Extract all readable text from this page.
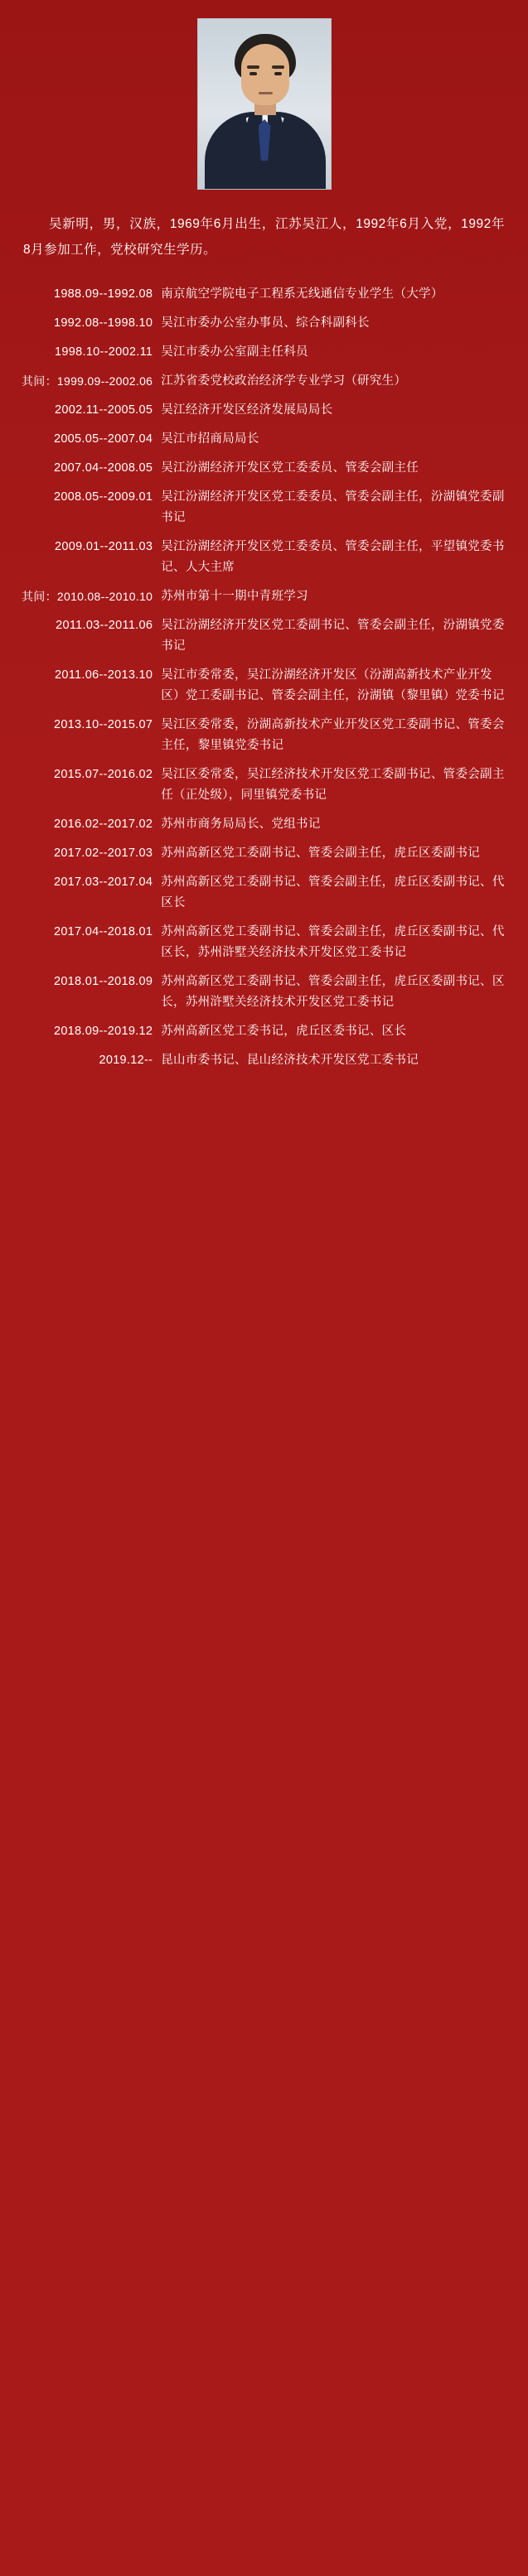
吴新明，男，汉族，1969年6月出生，江苏吴江人，1992年6月入党，1992年8月参加工作，党校研究生学历。

1988.09--1992.08	南京航空学院电子工程系无线通信专业学生（大学）
1992.08--1998.10	吴江市委办公室办事员、综合科副科长
1998.10--2002.11	吴江市委办公室副主任科员
其间：1999.09--2002.06	江苏省委党校政治经济学专业学习（研究生）
2002.11--2005.05	吴江经济开发区经济发展局局长
2005.05--2007.04	吴江市招商局局长
2007.04--2008.05	吴江汾湖经济开发区党工委委员、管委会副主任
2008.05--2009.01	吴江汾湖经济开发区党工委委员、管委会副主任，汾湖镇党委副书记
2009.01--2011.03	吴江汾湖经济开发区党工委委员、管委会副主任，平望镇党委书记、人大主席
其间：2010.08--2010.10	苏州市第十一期中青班学习
2011.03--2011.06	吴江汾湖经济开发区党工委副书记、管委会副主任，汾湖镇党委书记
2011.06--2013.10	吴江市委常委，吴江汾湖经济开发区（汾湖高新技术产业开发区）党工委副书记、管委会副主任，汾湖镇（黎里镇）党委书记
2013.10--2015.07	吴江区委常委，汾湖高新技术产业开发区党工委副书记、管委会主任，黎里镇党委书记
2015.07--2016.02	吴江区委常委，吴江经济技术开发区党工委副书记、管委会副主任（正处级），同里镇党委书记
2016.02--2017.02	苏州市商务局局长、党组书记
2017.02--2017.03	苏州高新区党工委副书记、管委会副主任，虎丘区委副书记
2017.03--2017.04	苏州高新区党工委副书记、管委会副主任，虎丘区委副书记、代区长
2017.04--2018.01	苏州高新区党工委副书记、管委会副主任，虎丘区委副书记、代区长，苏州浒墅关经济技术开发区党工委书记
2018.01--2018.09	苏州高新区党工委副书记、管委会副主任，虎丘区委副书记、区长，苏州浒墅关经济技术开发区党工委书记
2018.09--2019.12	苏州高新区党工委书记，虎丘区委书记、区长
2019.12--	昆山市委书记、昆山经济技术开发区党工委书记
